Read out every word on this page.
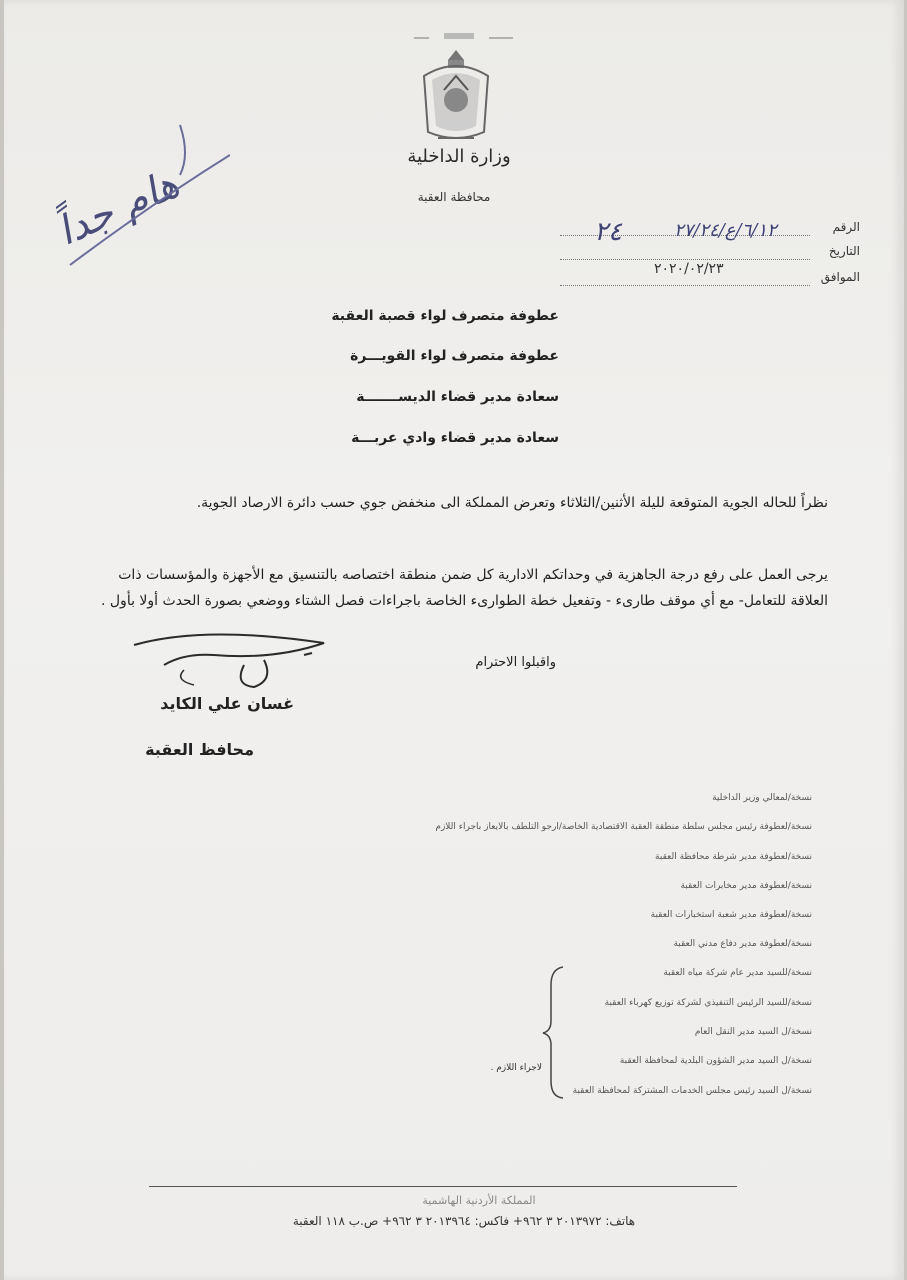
وزارة الداخلية
محافظة العقبة
هام جداً	الرقم
٢٤	٦/١٢/ع/٢٧/٢٤
التاريخ
الموافق
٢٠٢٠/٠٢/٢٣
عطوفة متصرف لواء قصبة العقبة
عطوفة متصرف لواء القويـــرة
سعادة مدير قضاء الديســـــــة
سعادة مدير قضاء وادي عربـــة
نظراً للحاله الجوية المتوقعة لليلة الأثنين/الثلاثاء وتعرض المملكة الى منخفض جوي حسب دائرة الارصاد الجوية.
يرجى العمل على رفع درجة الجاهزية في وحداتكم الادارية كل ضمن منطقة اختصاصه بالتنسيق مع الأجهزة والمؤسسات ذات العلاقة للتعامل- مع أي موقف طارىء - وتفعيل خطة الطوارىء الخاصة باجراءات فصل الشتاء ووضعي بصورة الحدث أولا بأول .
واقبلوا الاحترام
غسان علي الكايد
محافظ العقبة
نسخة/لمعالي وزير الداخلية
نسخة/لعطوفة رئيس مجلس سلطة منطقة العقبة الاقتصادية الخاصة/ارجو التلطف بالايعاز باجراء اللازم
نسخة/لعطوفة مدير شرطة محافظة العقبة
نسخة/لعطوفة مدير مخابرات العقبة
نسخة/لعطوفة مدير شعبة استخبارات العقبة
نسخة/لعطوفة مدير دفاع مدني العقبة
نسخة/للسيد مدير عام شركة مياه العقبة
نسخة/للسيد الرئيس التنفيذي لشركة توزيع كهرباء العقبة
نسخة/ل السيد مدير النقل العام
نسخة/ل السيد مدير الشؤون البلدية لمحافظة العقبة
نسخة/ل السيد رئيس مجلس الخدمات المشتركة لمحافظة العقبة
لاجراء اللازم .
المملكة الأردنية الهاشمية
هاتف: ٢٠١٣٩٧٢ ٣ ٩٦٢+ فاكس: ٢٠١٣٩٦٤ ٣ ٩٦٢+ ص.ب ١١٨ العقبة
